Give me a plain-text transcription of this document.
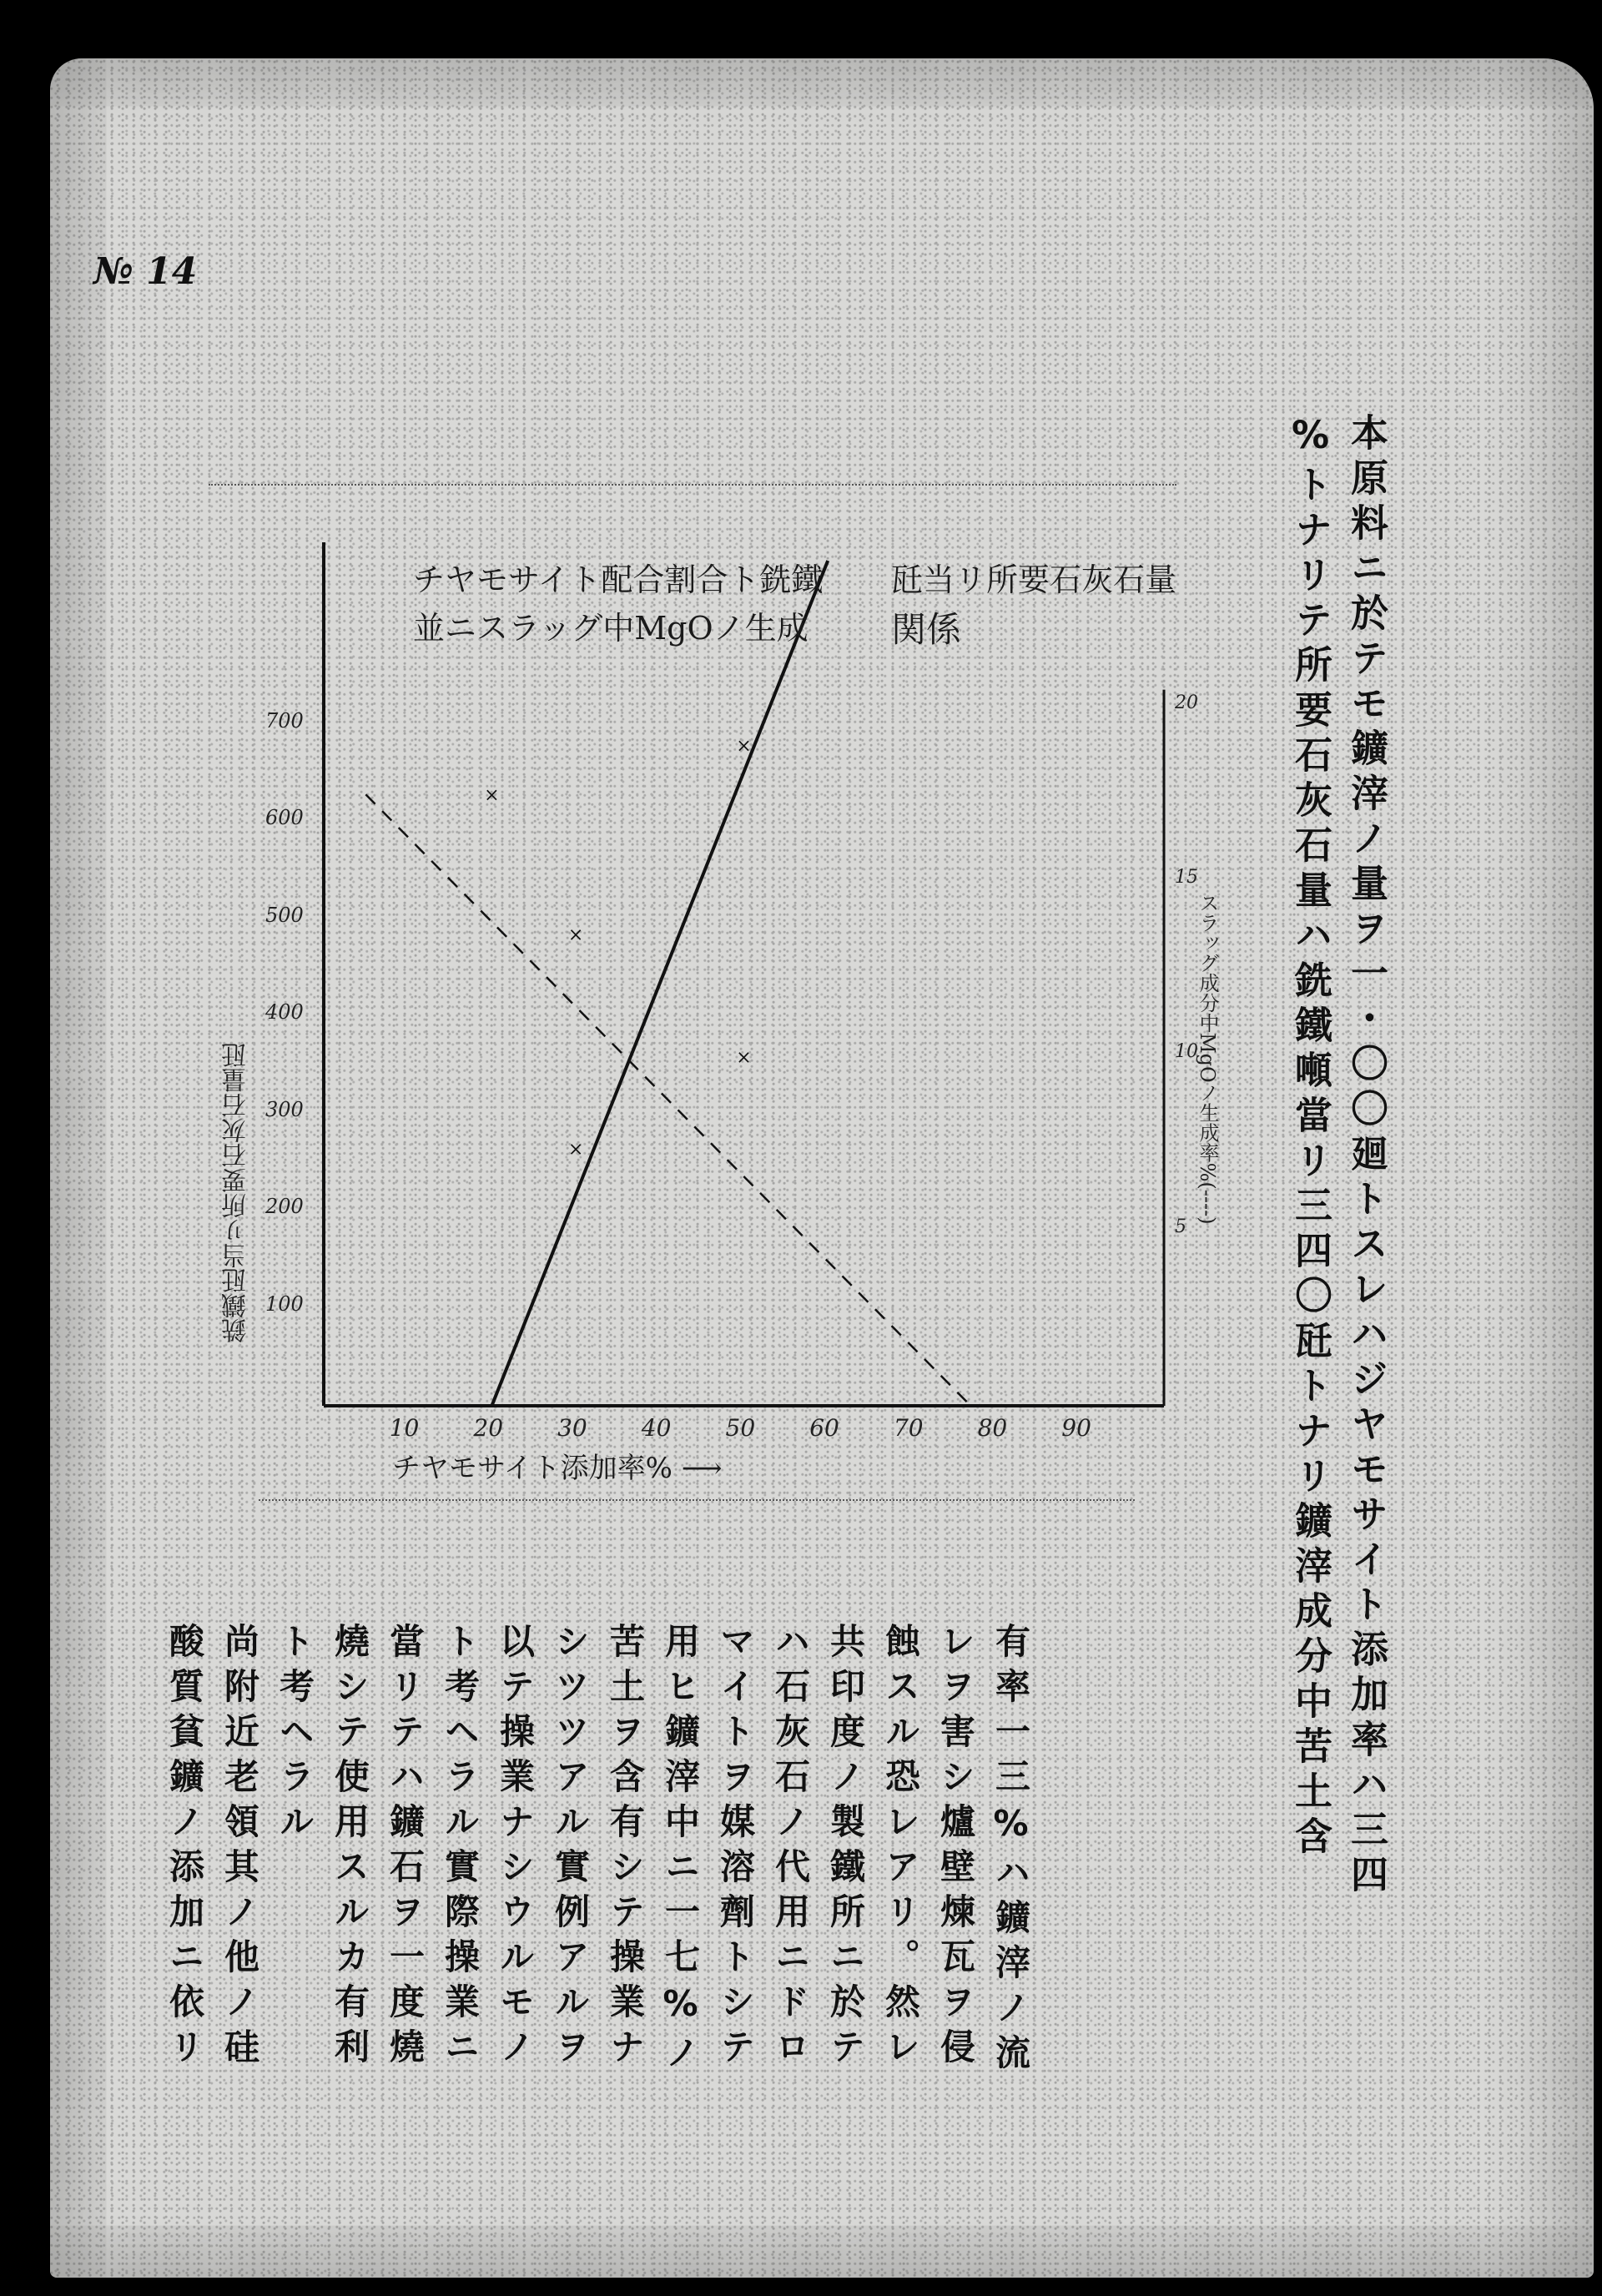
№ 14
本原料ニ於テモ鑛滓ノ量ヲ一・〇〇廻トスレハジヤモサイト添加率ハ三四
%トナリテ所要石灰石量ハ銑鐵噸當リ三四〇瓩トナリ鑛滓成分中苦土含
有率一三%ハ鑛滓ノ流
レヲ害シ爐壁煉瓦ヲ侵
蝕スル恐レアリ。然レ
共印度ノ製鐵所ニ於テ
ハ石灰石ノ代用ニドロ
マイトヲ媒溶劑トシテ
用ヒ鑛滓中ニ一七%ノ
苦土ヲ含有シテ操業ナ
シツツアル實例アルヲ
以テ操業ナシウルモノ
ト考ヘラル實際操業ニ
當リテハ鑛石ヲ一度燒
燒シテ使用スルカ有利
ト考ヘラル
尚附近老領其ノ他ノ硅
酸質貧鑛ノ添加ニ依リ
×
×
×
×
×
チヤモサイト配合割合ト銑鐵
並ニスラッグ中MgOノ生成
瓩当リ所要石灰石量
関係
チヤモサイト添加率% ⟶
銑鐵瓩当リ所要石灰石量瓩	スラッグ成分中MgOノ生成率%(----)
10 20 30 40 50 60 70 80 90
100
200
300
400
500
600
700
5
10
15
20
